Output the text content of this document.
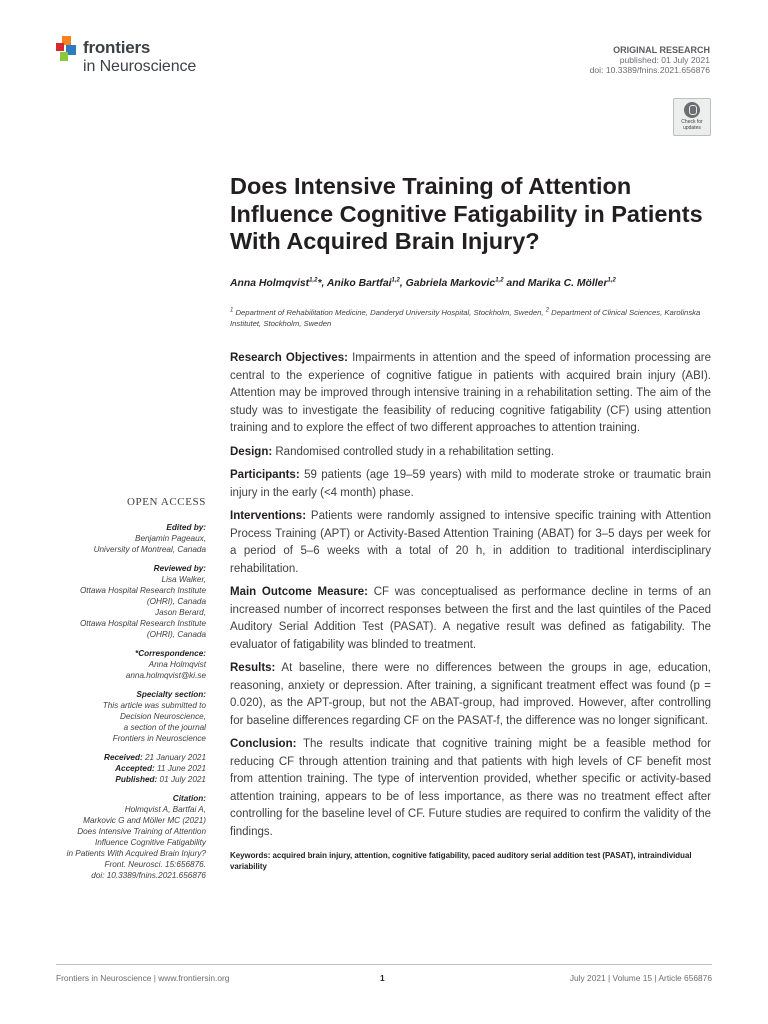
frontiers
in Neuroscience
ORIGINAL RESEARCH
published: 01 July 2021
doi: 10.3389/fnins.2021.656876
Check for
updates
Does Intensive Training of Attention Influence Cognitive Fatigability in Patients With Acquired Brain Injury?
Anna Holmqvist$^{1,2}$*, Aniko Bartfai$^{1,2}$, Gabriela Markovic$^{1,2}$ and Marika C. Möller$^{1,2}$
$^1$ Department of Rehabilitation Medicine, Danderyd University Hospital, Stockholm, Sweden, $^2$ Department of Clinical Sciences, Karolinska Institutet, Stockholm, Sweden

Research Objectives: Impairments in attention and the speed of information processing are central to the experience of cognitive fatigue in patients with acquired brain injury (ABI). Attention may be improved through intensive training in a rehabilitation setting. The aim of the study was to investigate the feasibility of reducing cognitive fatigability (CF) using attention training and to explore the effect of two different approaches to attention training.

Design: Randomised controlled study in a rehabilitation setting.

Participants: 59 patients (age 19–59 years) with mild to moderate stroke or traumatic brain injury in the early (<4 month) phase.

Interventions: Patients were randomly assigned to intensive specific training with Attention Process Training (APT) or Activity-Based Attention Training (ABAT) for 3–5 days per week for a period of 5–6 weeks with a total of 20 h, in addition to traditional interdisciplinary rehabilitation.

Main Outcome Measure: CF was conceptualised as performance decline in terms of an increased number of incorrect responses between the first and the last quintiles of the Paced Auditory Serial Addition Test (PASAT). A negative result was defined as fatigability. The evaluator of fatigability was blinded to treatment.

Results: At baseline, there were no differences between the groups in age, education, reasoning, anxiety or depression. After training, a significant treatment effect was found (p = 0.020), as the APT-group, but not the ABAT-group, had improved. However, after controlling for baseline differences regarding CF on the PASAT-f, the difference was no longer significant.

Conclusion: The results indicate that cognitive training might be a feasible method for reducing CF through attention training and that patients with high levels of CF benefit most from attention training. The type of intervention provided, whether specific or activity-based attention training, appears to be of less importance, as there was no treatment effect after controlling for the baseline level of CF. Future studies are required to confirm the validity of the findings.

Keywords: acquired brain injury, attention, cognitive fatigability, paced auditory serial addition test (PASAT), intraindividual variability
OPEN ACCESS
Edited by:
Benjamin Pageaux,
University of Montreal, Canada
Reviewed by:
Lisa Walker,
Ottawa Hospital Research Institute
(OHRI), Canada
Jason Berard,
Ottawa Hospital Research Institute
(OHRI), Canada
*Correspondence:
Anna Holmqvist
anna.holmqvist@ki.se
Specialty section:
This article was submitted to
Decision Neuroscience,
a section of the journal
Frontiers in Neuroscience
Received: 21 January 2021
Accepted: 11 June 2021
Published: 01 July 2021
Citation:
Holmqvist A, Bartfai A,
Markovic G and Möller MC (2021)
Does Intensive Training of Attention
Influence Cognitive Fatigability
in Patients With Acquired Brain Injury?
Front. Neurosci. 15:656876.
doi: 10.3389/fnins.2021.656876
Frontiers in Neuroscience | www.frontiersin.org	1	July 2021 | Volume 15 | Article 656876
